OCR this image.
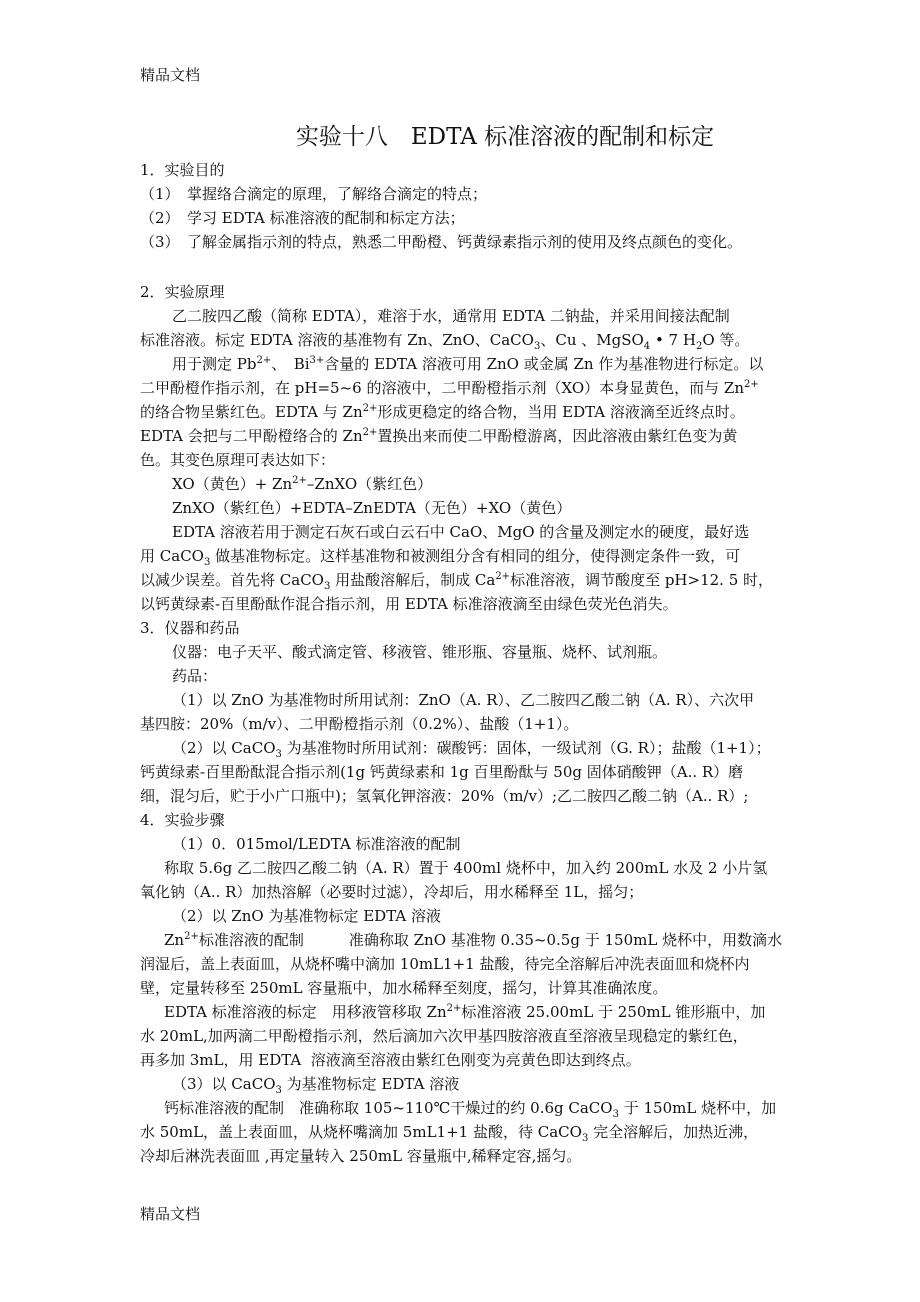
精品文档
实验十八　EDTA 标准溶液的配制和标定
1．实验目的
（1）　掌握络合滴定的原理，了解络合滴定的特点；
（2）　学习 EDTA 标准溶液的配制和标定方法；
（3）　了解金属指示剂的特点，熟悉二甲酚橙、钙黄绿素指示剂的使用及终点颜色的变化。
2．实验原理
乙二胺四乙酸（简称 EDTA），难溶于水，通常用 EDTA 二钠盐，并采用间接法配制
标准溶液。标定 EDTA 溶液的基准物有 Zn、ZnO、CaCO$_3$、Cu 、MgSO$_4$ • 7 $H_2O$ 等。
用于测定 $Pb^{2+}$、　$Bi^{3+}$含量的 EDTA 溶液可用 ZnO 或金属 Zn 作为基准物进行标定。以
二甲酚橙作指示剂，在 pH=5~6 的溶液中，二甲酚橙指示剂（XO）本身显黄色，而与 $Zn^{2+}$
的络合物呈紫红色。EDTA 与 $Zn^{2+}$形成更稳定的络合物，当用 EDTA 溶液滴至近终点时。
EDTA 会把与二甲酚橙络合的 $Zn^{2+}$置换出来而使二甲酚橙游离，因此溶液由紫红色变为黄
色。其变色原理可表达如下：
XO（黄色）+ $Zn^{2+}-ZnXO$（紫红色）
ZnXO（紫红色）+EDTA–ZnEDTA（无色）+XO（黄色）
EDTA 溶液若用于测定石灰石或白云石中 CaO、MgO 的含量及测定水的硬度，最好选
用 CaCO$_3$ 做基准物标定。这样基准物和被测组分含有相同的组分，使得测定条件一致，可
以减少误差。首先将 CaCO$_3$ 用盐酸溶解后，制成 $Ca^{2+}$标准溶液，调节酸度至 pH>12. 5 时，
以钙黄绿素-百里酚酞作混合指示剂，用 EDTA 标准溶液滴至由绿色荧光色消失。
3．仪器和药品
仪器：电子天平、酸式滴定管、移液管、锥形瓶、容量瓶、烧杯、试剂瓶。
药品：
（1）以 ZnO 为基准物时所用试剂：ZnO（A. R）、乙二胺四乙酸二钠（A. R）、六次甲
基四胺：20%（m/v）、二甲酚橙指示剂（0.2%）、盐酸（1+1）。
（2）以 CaCO$_3$ 为基准物时所用试剂：碳酸钙：固体，一级试剂（G. R）；盐酸（1+1）；
钙黄绿素-百里酚酞混合指示剂(1g 钙黄绿素和 1g 百里酚酞与 50g 固体硝酸钾（A.. R）磨
细，混匀后，贮于小广口瓶中)；氢氧化钾溶液：20%（m/v）;乙二胺四乙酸二钠（A.. R）;
4．实验步骤
（1）0．015mol/LEDTA 标准溶液的配制
称取 5.6g 乙二胺四乙酸二钠（A. R）置于 400ml 烧杯中，加入约 200mL 水及 2 小片氢
氧化钠（A.. R）加热溶解（必要时过滤），冷却后，用水稀释至 1L，摇匀；
（2）以 ZnO 为基准物标定 EDTA 溶液
$Zn^{2+}$标准溶液的配制　　　准确称取 ZnO 基准物 0.35~0.5g 于 150mL 烧杯中，用数滴水
润湿后，盖上表面皿，从烧杯嘴中滴加 10mL1+1 盐酸，待完全溶解后冲洗表面皿和烧杯内
壁，定量转移至 250mL 容量瓶中，加水稀释至刻度，摇匀，计算其准确浓度。
EDTA 标准溶液的标定　用移液管移取 $Zn^{2+}$标准溶液 25.00mL 于 250mL 锥形瓶中，加
水 20mL,加两滴二甲酚橙指示剂，然后滴加六次甲基四胺溶液直至溶液呈现稳定的紫红色，
再多加 3mL，用 EDTA  溶液滴至溶液由紫红色刚变为亮黄色即达到终点。
（3）以 CaCO$_3$ 为基准物标定 EDTA 溶液
钙标准溶液的配制　准确称取 105~110℃干燥过的约 0.6g CaCO$_3$ 于 150mL 烧杯中，加
水 50mL，盖上表面皿，从烧杯嘴滴加 5mL1+1 盐酸，待 CaCO$_3$ 完全溶解后，加热近沸，
冷却后淋洗表面皿 ,再定量转入 250mL 容量瓶中,稀释定容,摇匀。
精品文档
